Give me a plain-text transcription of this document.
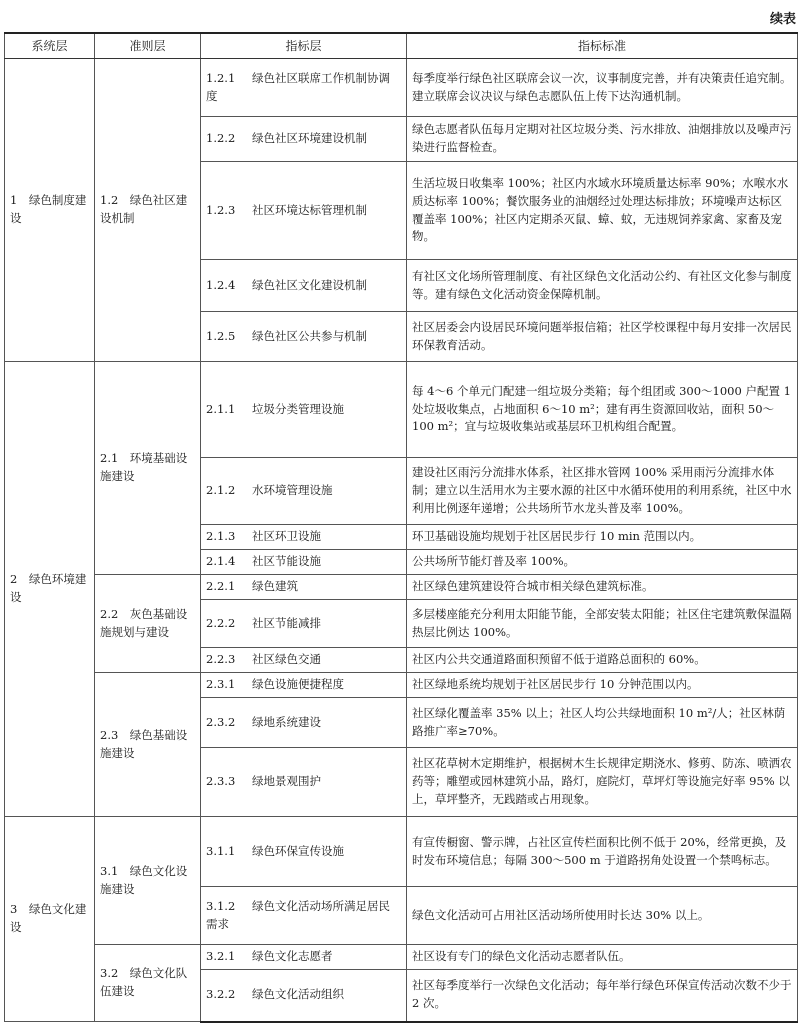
续表
系统层	准则层	指标层	指标标准
1　绿色制度建设	1.2　绿色社区建设机制	1.2.1 绿色社区联席工作机制协调度	每季度举行绿色社区联席会议一次，议事制度完善，并有决策责任追究制。建立联席会议决议与绿色志愿队伍上传下达沟通机制。
		1.2.2 绿色社区环境建设机制	绿色志愿者队伍每月定期对社区垃圾分类、污水排放、油烟排放以及噪声污染进行监督检查。
		1.2.3 社区环境达标管理机制	生活垃圾日收集率 100%；社区内水域水环境质量达标率 90%；水喉水水质达标率 100%；餐饮服务业的油烟经过处理达标排放；环境噪声达标区覆盖率 100%；社区内定期杀灭鼠、蟑、蚊，无违规饲养家禽、家畜及宠物。
		1.2.4 绿色社区文化建设机制	有社区文化场所管理制度、有社区绿色文化活动公约、有社区文化参与制度等。建有绿色文化活动资金保障机制。
		1.2.5 绿色社区公共参与机制	社区居委会内设居民环境问题举报信箱；社区学校课程中每月安排一次居民环保教育活动。
2　绿色环境建设	2.1　环境基础设施建设	2.1.1 垃圾分类管理设施	每 4～6 个单元门配建一组垃圾分类箱；每个组团或 300～1000 户配置 1 处垃圾收集点，占地面积 6～10 m²；建有再生资源回收站，面积 50～100 m²；宜与垃圾收集站或基层环卫机构组合配置。
		2.1.2 水环境管理设施	建设社区雨污分流排水体系，社区排水管网 100% 采用雨污分流排水体制；建立以生活用水为主要水源的社区中水循环使用的利用系统，社区中水利用比例逐年递增；公共场所节水龙头普及率 100%。
		2.1.3 社区环卫设施	环卫基础设施均规划于社区居民步行 10 min 范围以内。
		2.1.4 社区节能设施	公共场所节能灯普及率 100%。
	2.2　灰色基础设施规划与建设	2.2.1 绿色建筑	社区绿色建筑建设符合城市相关绿色建筑标准。
		2.2.2 社区节能减排	多层楼座能充分利用太阳能节能，全部安装太阳能；社区住宅建筑敷保温隔热层比例达 100%。
		2.2.3 社区绿色交通	社区内公共交通道路面积预留不低于道路总面积的 60%。
	2.3　绿色基础设施建设	2.3.1 绿色设施便捷程度	社区绿地系统均规划于社区居民步行 10 分钟范围以内。
		2.3.2 绿地系统建设	社区绿化覆盖率 35% 以上；社区人均公共绿地面积 10 m²/人；社区林荫路推广率≥70%。
		2.3.3 绿地景观围护	社区花草树木定期维护，根据树木生长规律定期浇水、修剪、防冻、喷洒农药等；雕塑或园林建筑小品，路灯，庭院灯，草坪灯等设施完好率 95% 以上，草坪整齐，无践踏或占用现象。
3　绿色文化建设	3.1　绿色文化设施建设	3.1.1 绿色环保宣传设施	有宣传橱窗、警示牌，占社区宣传栏面积比例不低于 20%，经常更换，及时发布环境信息；每隔 300～500 m 于道路拐角处设置一个禁鸣标志。
		3.1.2 绿色文化活动场所满足居民需求	绿色文化活动可占用社区活动场所使用时长达 30% 以上。
	3.2　绿色文化队伍建设	3.2.1 绿色文化志愿者	社区设有专门的绿色文化活动志愿者队伍。
		3.2.2 绿色文化活动组织	社区每季度举行一次绿色文化活动；每年举行绿色环保宣传活动次数不少于 2 次。
